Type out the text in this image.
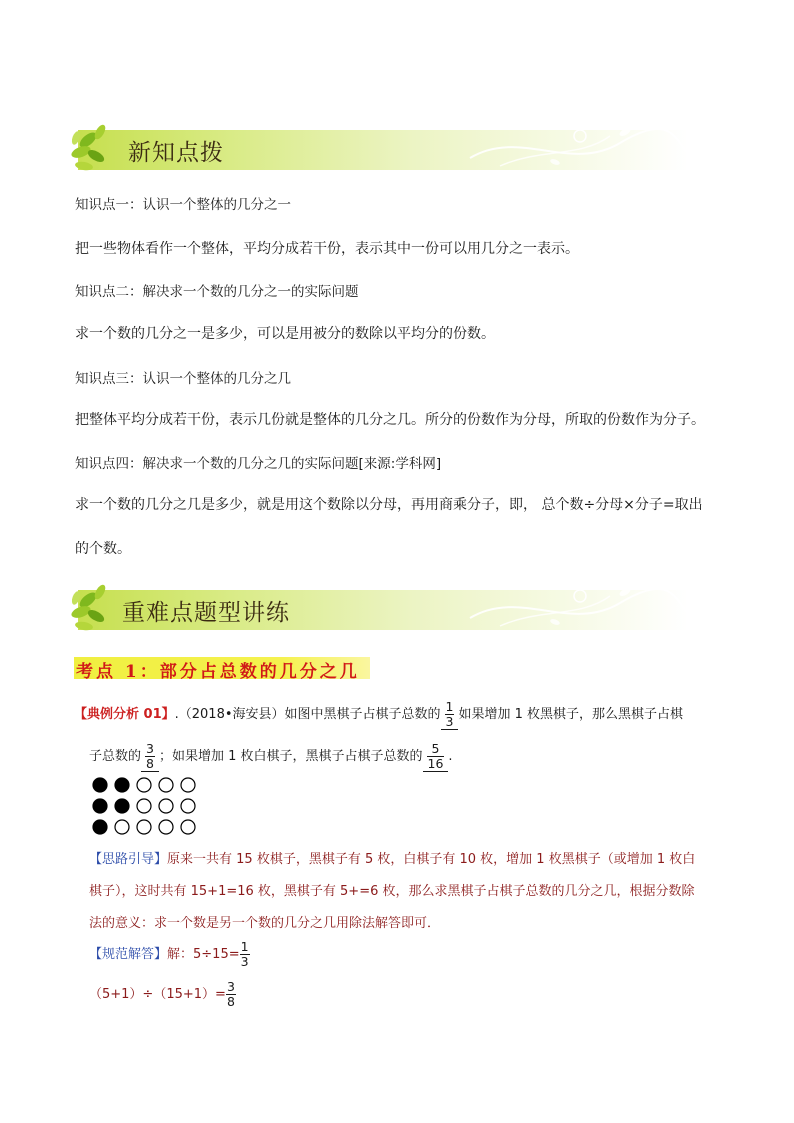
新知点拨
知识点一：认识一个整体的几分之一
把一些物体看作一个整体，平均分成若干份，表示其中一份可以用几分之一表示。
知识点二：解决求一个数的几分之一的实际问题
求一个数的几分之一是多少，可以是用被分的数除以平均分的份数。
知识点三：认识一个整体的几分之几
把整体平均分成若干份，表示几份就是整体的几分之几。所分的份数作为分母，所取的份数作为分子。
知识点四：解决求一个数的几分之几的实际问题[来源:学科网]
求一个数的几分之几是多少，就是用这个数除以分母，再用商乘分子，即， 总个数÷分母×分子=取出
的个数。
重难点题型讲练
考点 1：部分占总数的几分之几
【典例分析 01】.（2018•海安县）如图中黑棋子占棋子总数的 $\frac{1}{3}$ 如果增加 1 枚黑棋子，那么黑棋子占棋
子总数的 $\frac{3}{8}$ ；如果增加 1 枚白棋子，黑棋子占棋子总数的 $\frac{5}{16}$ .
【思路引导】原来一共有 15 枚棋子，黑棋子有 5 枚，白棋子有 10 枚，增加 1 枚黑棋子（或增加 1 枚白
棋子），这时共有 15+1=16 枚，黑棋子有 5+=6 枚，那么求黑棋子占棋子总数的几分之几，根据分数除
法的意义：求一个数是另一个数的几分之几用除法解答即可．
【规范解答】解：$5\div 15= \frac{1}{3}$
$(5+1)\div(15+1)= \frac{3}{8}$
